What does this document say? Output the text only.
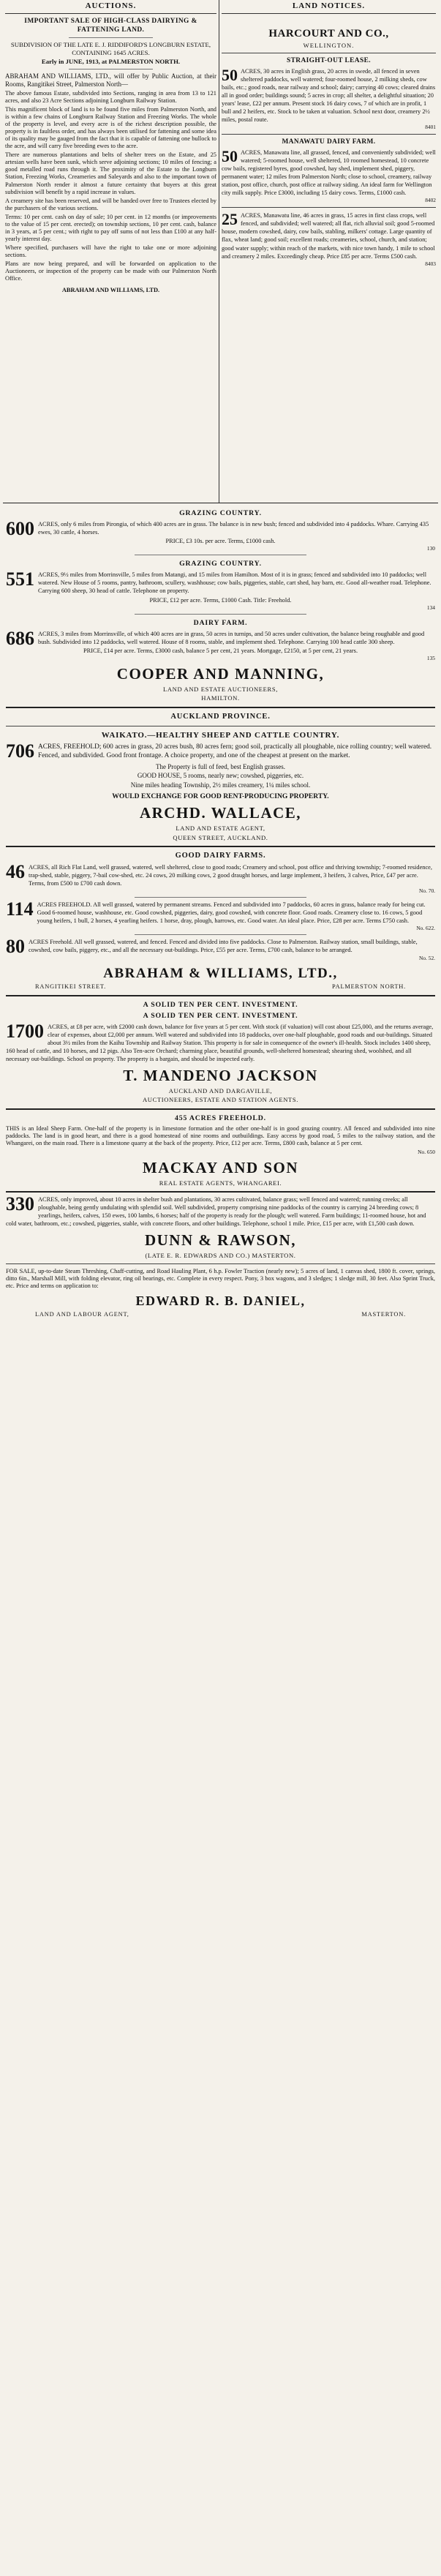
AUCTIONS.
IMPORTANT SALE OF HIGH-CLASS DAIRYING & FATTENING LAND.
SUBDIVISION OF THE LATE E. J. RIDDIFORD'S LONGBURN ESTATE, CONTAINING 1645 ACRES.
Early in JUNE, 1913, at PALMERSTON NORTH.
ABRAHAM AND WILLIAMS, LTD., will offer by Public Auction, at their Rooms, Rangitikei Street, Palmerston North—
The above famous Estate, subdivided into Sections, ranging in area from 13 to 121 acres, and also 23 Acre Sections adjoining Longburn Railway Station.
This magnificent block of land is to be found five miles from Palmerston North, and is within a few chains of Longburn Railway Station and Freezing Works. The whole of the property is level, and every acre is of the richest description possible, the property is in faultless order, and has always been utilised for fattening and some idea of its quality may be gauged from the fact that it is capable of fattening one bullock to the acre, and will carry five breeding ewes to the acre.
There are numerous plantations and belts of shelter trees on the Estate, and 25 artesian wells have been sunk, which serve adjoining sections; 10 miles of fencing; a good metalled road runs through it. The proximity of the Estate to the Longburn Station, Freezing Works, Creameries and Saleyards and also to the important town of Palmerston North render it almost a future certainty that buyers at this great subdivision will benefit by a rapid increase in values.
A creamery site has been reserved, and will be handed over free to Trustees elected by the purchasers of the various sections.
Terms: 10 per cent. cash on day of sale; 10 per cent. in 12 months (or improvements to the value of 15 per cent. erected); on township sections, 10 per cent. cash, balance in 3 years, at 5 per cent.; with right to pay off sums of not less than £100 at any half-yearly interest day.
Where specified, purchasers will have the right to take one or more adjoining sections.
Plans are now being prepared, and will be forwarded on application to the Auctioneers, or inspection of the property can be made with our Palmerston North Office.
ABRAHAM AND WILLIAMS, LTD.
LAND NOTICES.
HARCOURT AND CO.,
WELLINGTON.
STRAIGHT-OUT LEASE.
50 ACRES, 30 acres in English grass, 20 acres in swede, all fenced in seven sheltered paddocks, well watered; four-roomed house, 2 milking sheds, cow bails, etc.; good roads, near railway and school; dairy; carrying 40 cows; cleared drains all in good order; buildings sound; 5 acres in crop; all shelter, a delightful situation; 20 years' lease, £22 per annum. Present stock 16 dairy cows, 7 of which are in profit, 1 bull and 2 heifers, etc. Stock to be taken at valuation. School next door, creamery 2½ miles, postal route.
8401
MANAWATU DAIRY FARM.
50 ACRES, Manawatu line, all grassed, fenced, and conveniently subdivided; well watered; 5-roomed house, well sheltered, 10 roomed homestead, 10 concrete cow bails, registered byres, good cowshed, hay shed, implement shed, piggery, permanent water; 12 miles from Palmerston North; close to school, creamery, railway station, post office, church, post office at railway siding. An ideal farm for Wellington city milk supply. Price £3000, including 15 dairy cows. Terms, £1000 cash.
8402
25 ACRES, Manawatu line, 46 acres in grass, 15 acres in first class crops, well fenced, and subdivided; well watered; all flat, rich alluvial soil; good 5-roomed house, modern cowshed, dairy, cow bails, stabling, milkers' cottage. Large quantity of flax, wheat land; good soil; excellent roads; creameries, school, church, and station; good water supply; within reach of the markets, with nice town handy, 1 mile to school and creamery 2 miles. Exceedingly cheap. Price £85 per acre. Terms £500 cash.
8403
GRAZING COUNTRY.
600 ACRES, only 6 miles from Pirongia, of which 400 acres are in grass. The balance is in new bush; fenced and subdivided into 4 paddocks. Whare. Carrying 435 ewes, 30 cattle, 4 horses.
PRICE, £3 10s. per acre. Terms, £1000 cash.
130
GRAZING COUNTRY.
551 ACRES, 9½ miles from Morrinsville, 5 miles from Matangi, and 15 miles from Hamilton. Most of it is in grass; fenced and subdivided into 10 paddocks; well watered. New House of 5 rooms, pantry, bathroom, scullery, washhouse; cow bails, piggeries, stable, cart shed, hay barn, etc. Good all-weather road. Telephone. Carrying 600 sheep, 30 head of cattle. Telephone on property.
PRICE, £12 per acre. Terms, £1000 Cash. Title: Freehold.
134
DAIRY FARM.
686 ACRES, 3 miles from Morrinsville, of which 400 acres are in grass, 50 acres in turnips, and 50 acres under cultivation, the balance being roughable and good bush. Subdivided into 12 paddocks, well watered. House of 8 rooms, stable, and implement shed. Telephone. Carrying 100 head cattle 300 sheep.
PRICE, £14 per acre. Terms, £3000 cash, balance 5 per cent, 21 years. Mortgage, £2150, at 5 per cent, 21 years.
135
COOPER AND MANNING,
LAND AND ESTATE AUCTIONEERS,
HAMILTON.
AUCKLAND PROVINCE.
WAIKATO.—HEALTHY SHEEP AND CATTLE COUNTRY.
706 ACRES, FREEHOLD; 600 acres in grass, 20 acres bush, 80 acres fern; good soil, practically all ploughable, nice rolling country; well watered. Fenced, and subdivided. Good front frontage. A choice property, and one of the cheapest at present on the market.
The Property is full of feed, best English grasses.
GOOD HOUSE, 5 rooms, nearly new; cowshed, piggeries, etc.
Nine miles heading Township, 2½ miles creamery, 1¼ miles school.
WOULD EXCHANGE FOR GOOD RENT-PRODUCING PROPERTY.
ARCHD. WALLACE,
LAND AND ESTATE AGENT,
QUEEN STREET, AUCKLAND.
GOOD DAIRY FARMS.
46 ACRES, all Rich Flat Land, well grassed, watered, well sheltered, close to good roads; Creamery and school, post office and thriving township; 7-roomed residence, trap-shed, stable, piggery, 7-bail cow-shed, etc. 24 cows, 20 milking cows, 2 good draught horses, and large implement, 3 heifers, 3 calves, Price, £47 per acre. Terms, from £500 to £700 cash down.
No. 70.
114 ACRES FREEHOLD. All well grassed, watered by permanent streams. Fenced and subdivided into 7 paddocks, 60 acres in grass, balance ready for being cut. Good 6-roomed house, washhouse, etc. Good cowshed, piggeries, dairy, good cowshed, with concrete floor. Good roads. Creamery close to. 16 cows, 5 good young heifers, 1 bull, 2 horses, 4 yearling heifers. 1 horse, dray, plough, harrows, etc. Good water. An ideal place. Price, £28 per acre. Terms £750 cash.
No. 622.
80 ACRES Freehold. All well grassed, watered, and fenced. Fenced and divided into five paddocks. Close to Palmerston. Railway station, small buildings, stable, cowshed, cow bails, piggery, etc., and all the necessary out-buildings. Price, £55 per acre. Terms, £700 cash, balance to be arranged.
No. 52.
ABRAHAM & WILLIAMS, LTD.,
RANGITIKEI STREET.	PALMERSTON NORTH.
A SOLID TEN PER CENT. INVESTMENT.
A SOLID TEN PER CENT. INVESTMENT.
1700 ACRES, at £8 per acre, with £2000 cash down, balance for five years at 5 per cent. With stock (if valuation) will cost about £25,000, and the returns average, clear of expenses, about £2,000 per annum. Well watered and subdivided into 18 paddocks, over one-half ploughable, good roads and out-buildings. Situated about 3½ miles from the Kaihu Township and Railway Station. This property is for sale in consequence of the owner's ill-health. Stock includes 1400 sheep, 160 head of cattle, and 10 horses, and 12 pigs. Also Ten-acre Orchard; charming place, beautiful grounds, well-sheltered homestead; shearing shed, woolshed, and all necessary out-buildings. School on property. The property is a bargain, and should be inspected early.
T. MANDENO JACKSON
AUCKLAND AND DARGAVILLE,
AUCTIONEERS, ESTATE AND STATION AGENTS.
455 ACRES FREEHOLD.
THIS is an Ideal Sheep Farm. One-half of the property is in limestone formation and the other one-half is in good grazing country. All fenced and subdivided into nine paddocks. The land is in good heart, and there is a good homestead of nine rooms and outbuildings. Easy access by good road, 5 miles to the railway station, and the Whangarei, on the main road. There is a limestone quarry at the back of the property. Price, £12 per acre. Terms, £800 cash, balance at 5 per cent.
No. 650
MACKAY AND SON
REAL ESTATE AGENTS, WHANGAREI.
330 ACRES, only improved, about 10 acres in shelter bush and plantations, 30 acres cultivated, balance grass; well fenced and watered; running creeks; all ploughable, being gently undulating with splendid soil. Well subdivided, property comprising nine paddocks of the country is carrying 24 breeding cows; 8 yearlings, heifers, calves, 150 ewes, 100 lambs, 6 horses; half of the property is ready for the plough; well watered. Farm buildings; 11-roomed house, hot and cold water, bathroom, etc.; cowshed, piggeries, stable, with concrete floors, and other buildings. Telephone, school 1 mile. Price, £15 per acre, with £1,500 cash down.
DUNN & RAWSON,
(LATE E. R. EDWARDS AND CO.) MASTERTON.
FOR SALE, up-to-date Steam Threshing, Chaff-cutting, and Road Hauling Plant, 6 h.p. Fowler Traction (nearly new); 5 acres of land, 1 canvas shed, 1800 ft. cover, springs, ditto 6in., Marshall Mill, with folding elevator, ring oil bearings, etc. Complete in every respect. Pony, 3 box wagons, and 3 sledges; 1 sledge mill, 30 feet. Also Sprint Truck, etc. Price and terms on application to:
EDWARD R. B. DANIEL,
LAND AND LABOUR AGENT,	MASTERTON.
